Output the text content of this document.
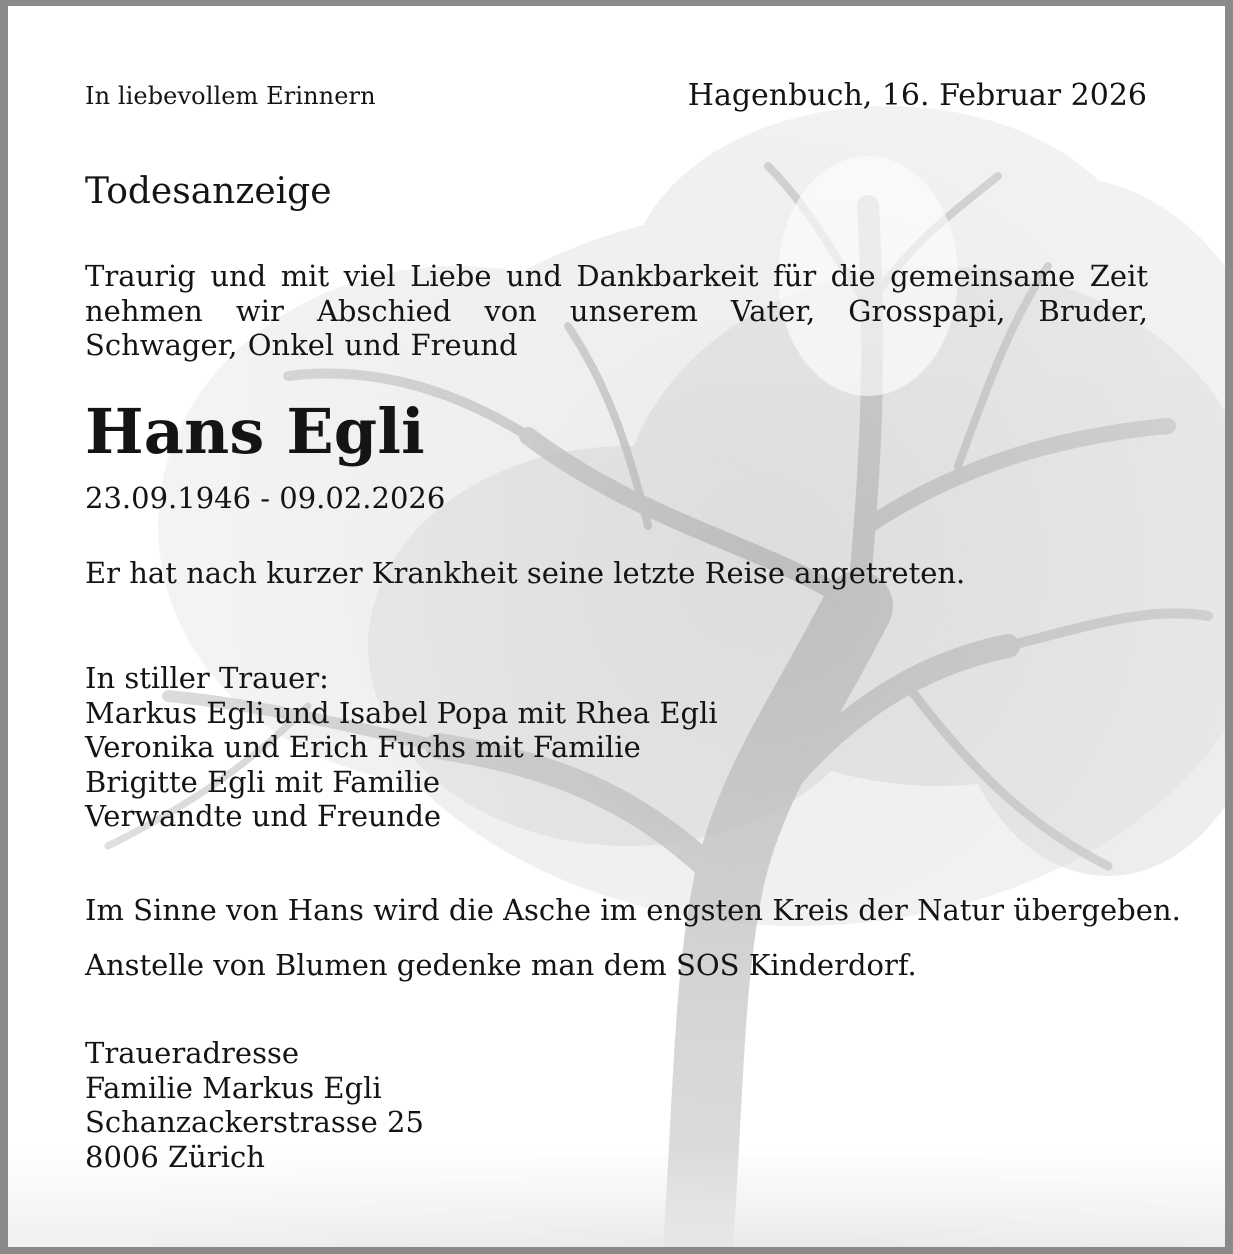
In liebevollem Erinnern	Hagenbuch, 16. Februar 2026
Todesanzeige
Traurig und mit viel Liebe und Dankbarkeit für die gemeinsame Zeit nehmen wir Abschied von unserem Vater, Grosspapi, Bruder, Schwager, Onkel und Freund
Hans Egli
23.09.1946 - 09.02.2026
Er hat nach kurzer Krankheit seine letzte Reise angetreten.
In stiller Trauer:
Markus Egli und Isabel Popa mit Rhea Egli
Veronika und Erich Fuchs mit Familie
Brigitte Egli mit Familie
Verwandte und Freunde
Im Sinne von Hans wird die Asche im engsten Kreis der Natur übergeben.
Anstelle von Blumen gedenke man dem SOS Kinderdorf.
Traueradresse
Familie Markus Egli
Schanzackerstrasse 25
8006 Zürich
